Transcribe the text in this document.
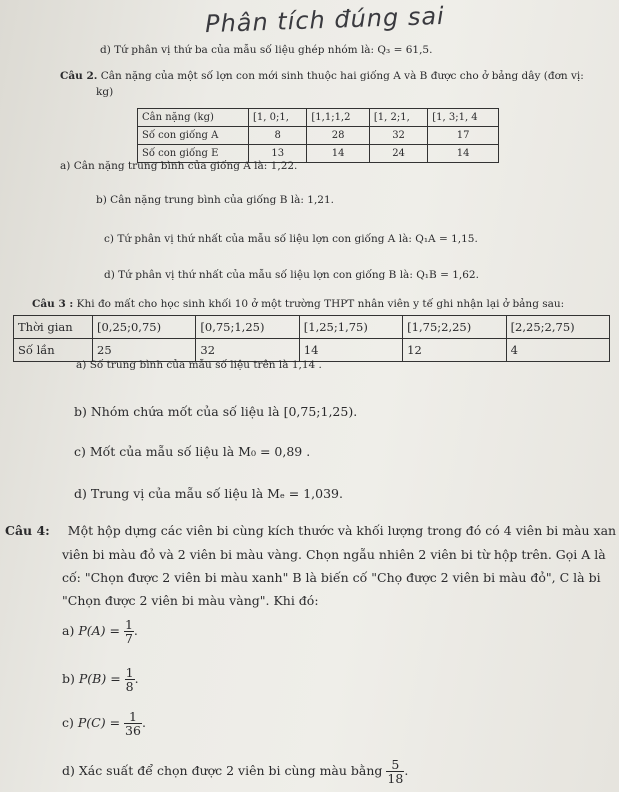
Phân tích đúng sai
d) Tứ phân vị thứ ba của mẫu số liệu ghép nhóm là: Q₃ = 61,5.
Câu 2. Cân nặng của một số lợn con mới sinh thuộc hai giống A và B được cho ở bảng dây (đơn vị:
kg)
Cân nặng (kg)	[1, 0;1,	[1,1;1,2	[1, 2;1,	[1, 3;1, 4
Số con giống A	8	28	32	17
Số con giống E	13	14	24	14
a) Cân nặng trung bình của giống A là: 1,22.
b) Cân nặng trung bình của giống B là: 1,21.
c) Tứ phân vị thứ nhất của mẫu số liệu lợn con giống A là: Q₁A = 1,15.
d) Tứ phân vị thứ nhất của mẫu số liệu lợn con giống B là: Q₁B = 1,62.
Câu 3 : Khi đo mất cho học sinh khối 10 ở một trường THPT nhân viên y tế ghi nhận lại ở bảng sau:
Thời gian	[0,25;0,75)	[0,75;1,25)	[1,25;1,75)	[1,75;2,25)	[2,25;2,75)
Số lần	25	32	14	12	4
a) Số trung bình của mẫu số liệu trên là 1,14 .
b) Nhóm chứa mốt của số liệu là [0,75;1,25).
c) Mốt của mẫu số liệu là M₀ = 0,89 .
d) Trung vị của mẫu số liệu là Mₑ = 1,039.
Câu 4: Một hộp dựng các viên bi cùng kích thước và khối lượng trong đó có 4 viên bi màu xan
viên bi màu đỏ và 2 viên bi màu vàng. Chọn ngẫu nhiên 2 viên bi từ hộp trên. Gọi A là
cố: "Chọn được 2 viên bi màu xanh" B là biến cố "Chọ được 2 viên bi màu đỏ", C là bi
"Chọn được 2 viên bi màu vàng". Khi đó:
a) $P(A) = \frac{1}{7}$ .
b) $P(B) = \frac{1}{8}$ .
c) $P(C) = \frac{1}{36}$ .
d) Xác suất để chọn được 2 viên bi cùng màu bằng $\frac{5}{18}$ .
